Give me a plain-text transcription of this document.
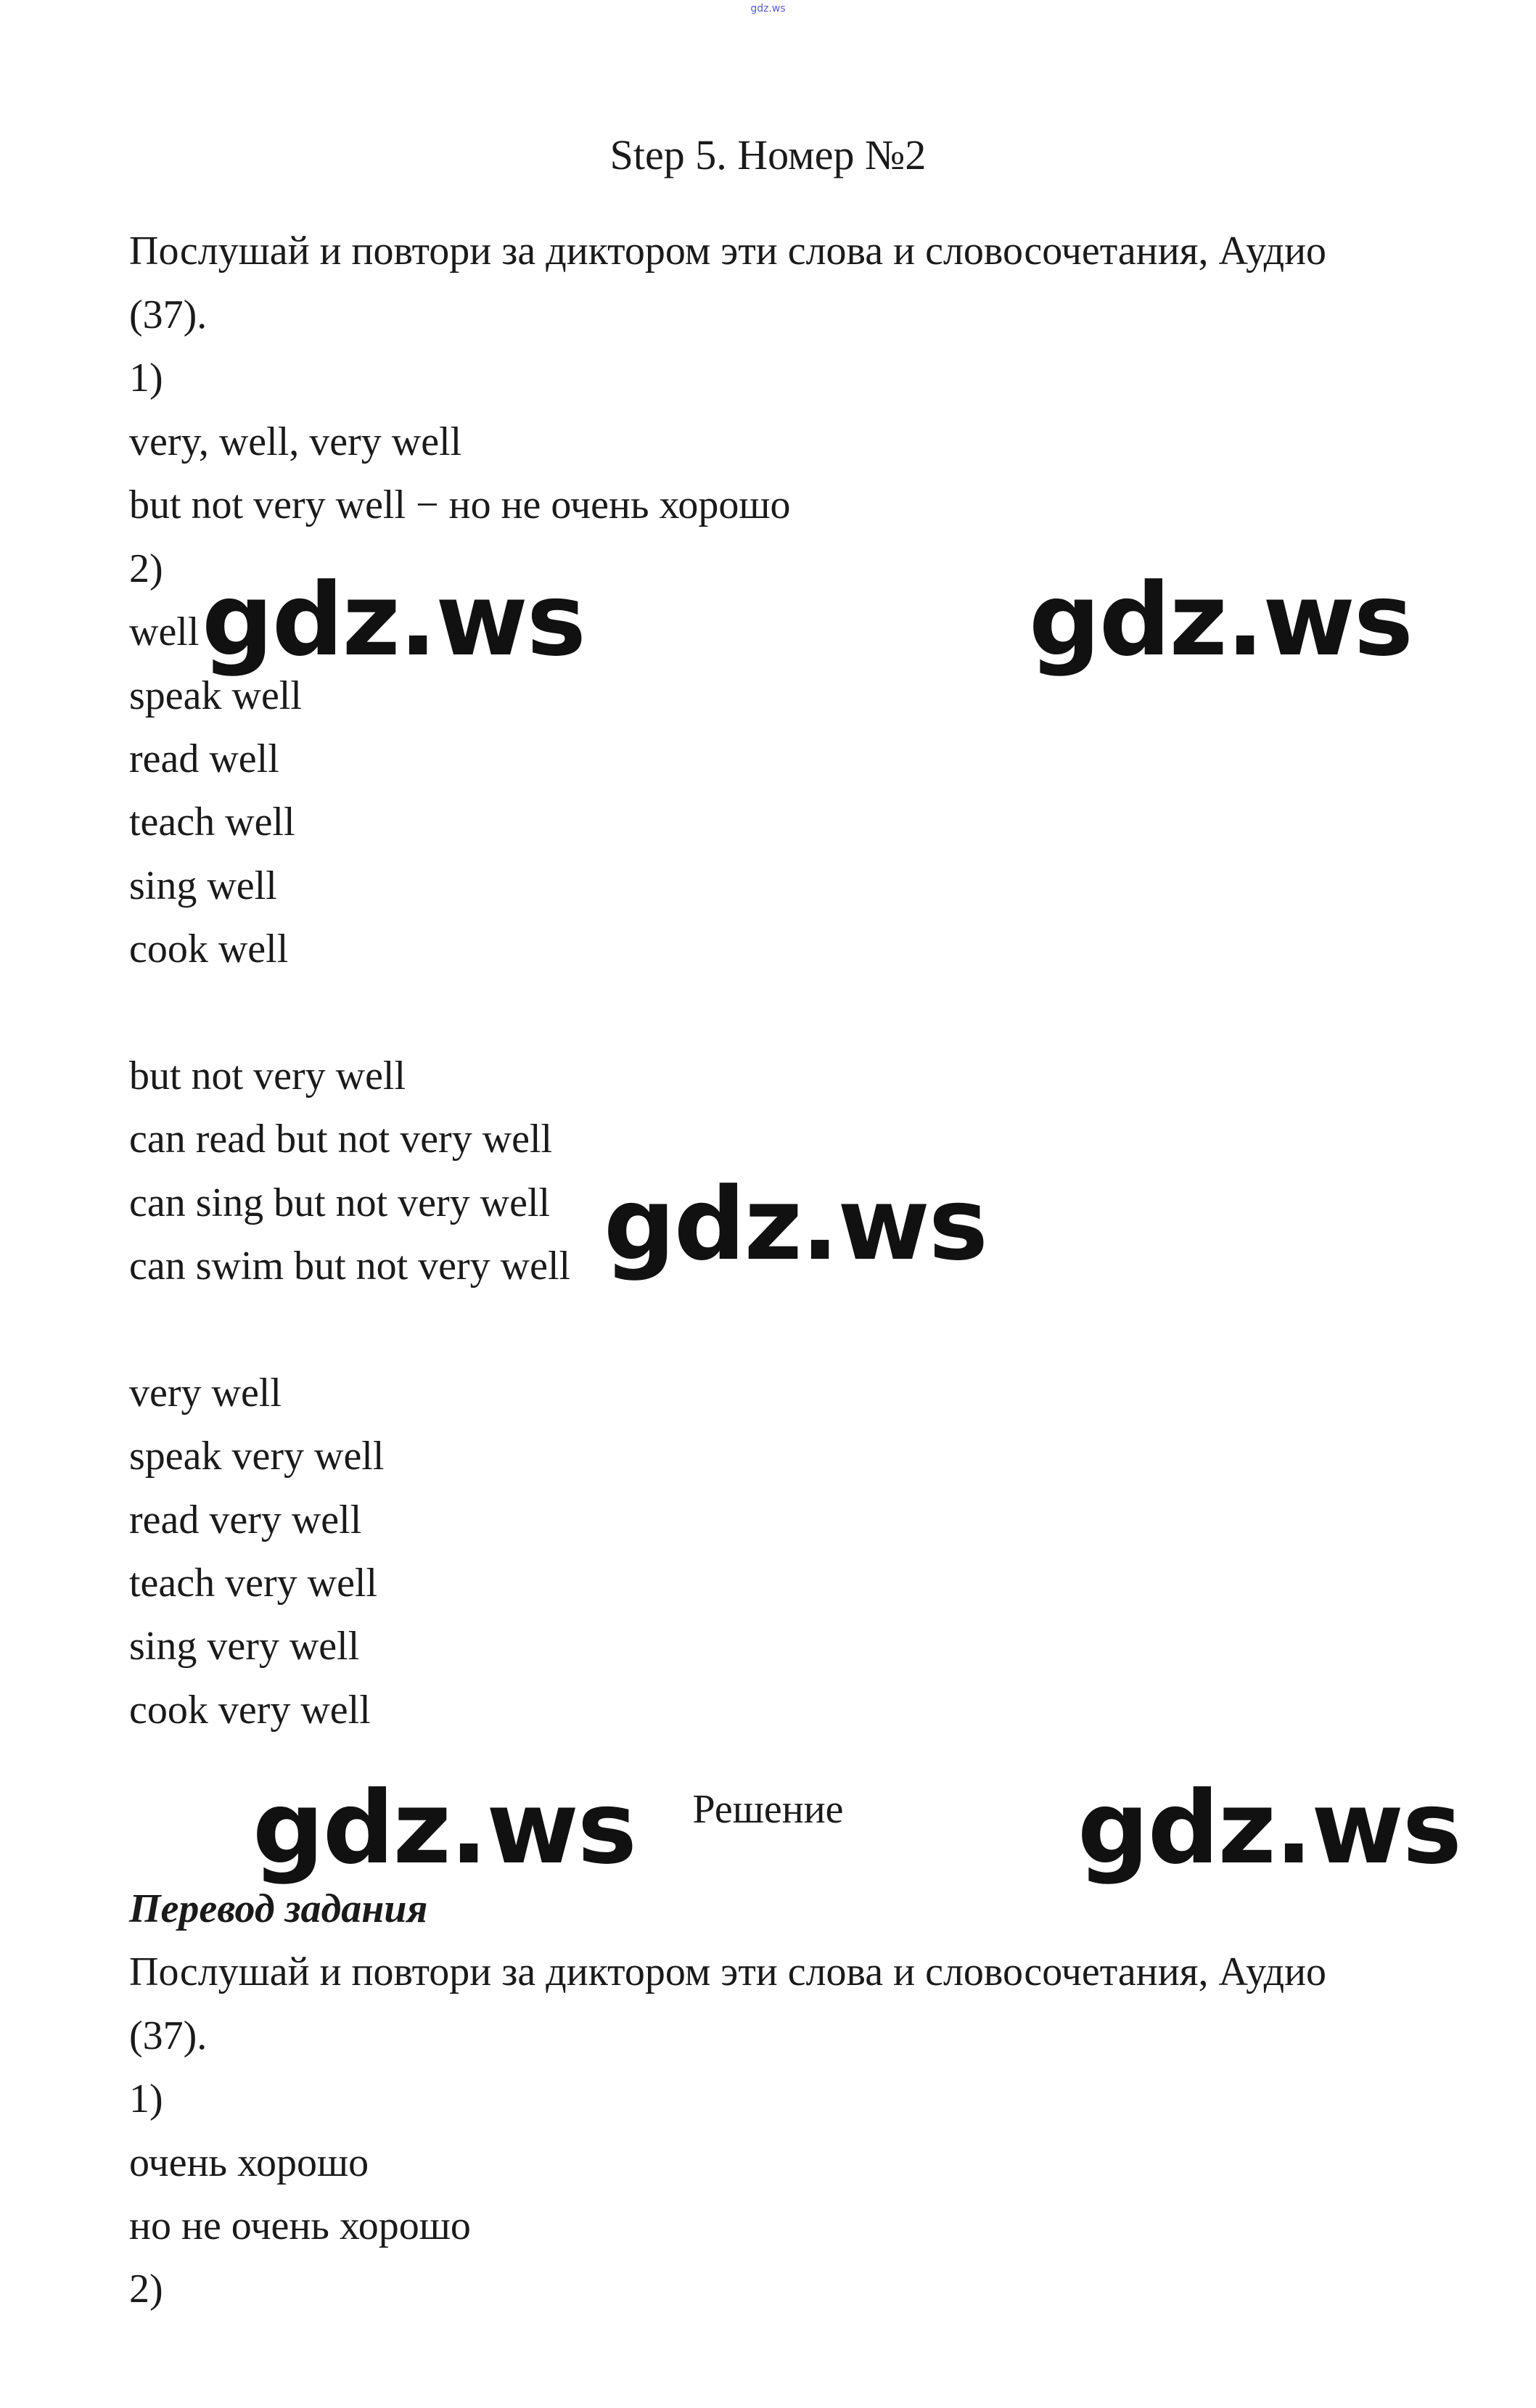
gdz.ws
Step 5. Номер №2
Послушай и повтори за диктором эти слова и словосочетания, Аудио
(37).
1)
very, well, very well
but not very well − но не очень хорошо
2)
well
speak well
read well
teach well
sing well
cook well
but not very well
can read but not very well
can sing but not very well
can swim but not very well
very well
speak very well
read very well
teach very well
sing very well
cook very well
Решение
Перевод задания
Послушай и повтори за диктором эти слова и словосочетания, Аудио
(37).
1)
очень хорошо
но не очень хорошо
2)
gdz.ws	gdz.ws
gdz.ws
gdz.ws	gdz.ws
